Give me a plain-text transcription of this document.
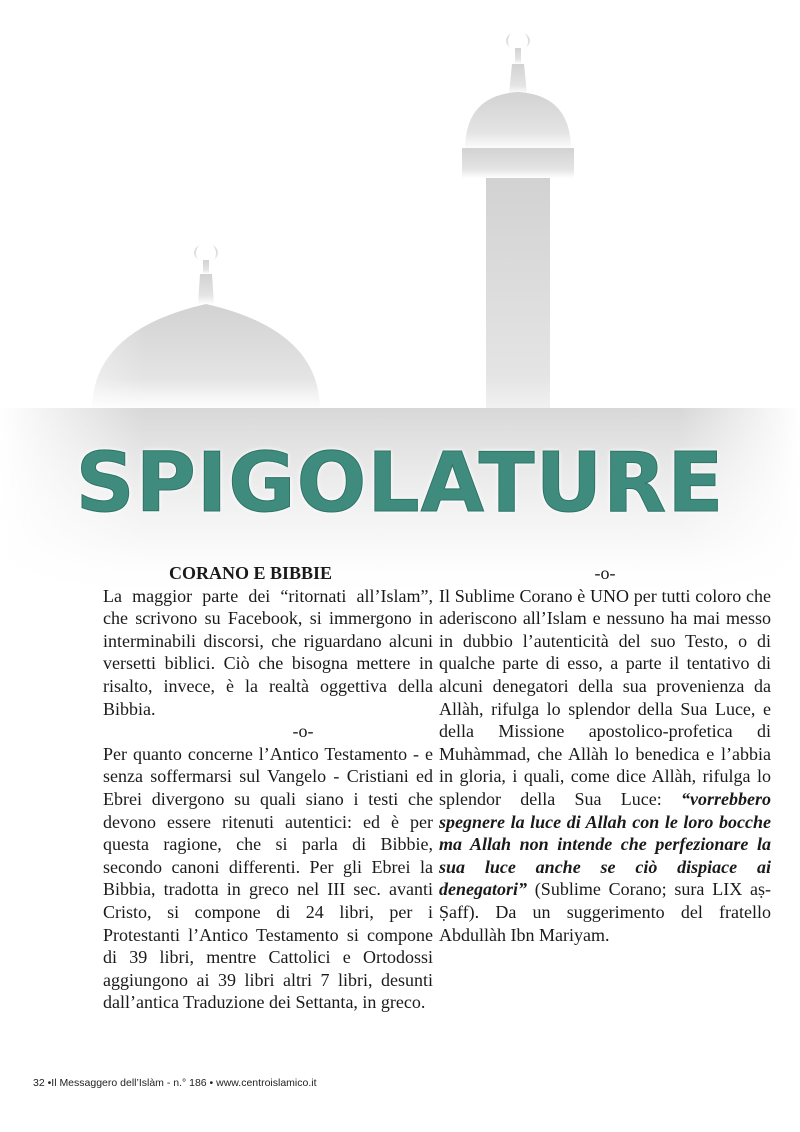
SPIGOLATURE

CORANO E BIBBIE

La maggior parte dei “ritornati all’Islam”, che scrivono su Facebook, si immergono in interminabili discorsi, che riguardano alcuni versetti biblici. Ciò che bisogna mettere in risalto, invece, è la realtà oggettiva della Bibbia.

-o-

Per quanto concerne l’Antico Testamento - e senza soffermarsi sul Vangelo - Cristiani ed Ebrei divergono su quali siano i testi che devono essere ritenuti autentici: ed è per questa ragione, che si parla di Bibbie, secondo canoni differenti. Per gli Ebrei la Bibbia, tradotta in greco nel III sec. avanti Cristo, si compone di 24 libri, per i Protestanti l’Antico Testamento si compone di 39 libri, mentre Cattolici e Ortodossi aggiungono ai 39 libri altri 7 libri, desunti dall’antica Traduzione dei Settanta, in greco.

-o-

Il Sublime Corano è UNO per tutti coloro che aderiscono all’Islam e nessuno ha mai messo in dubbio l’autenticità del suo Testo, o di qualche parte di esso, a parte il tentativo di alcuni denegatori della sua provenienza da Allàh, rifulga lo splendor della Sua Luce, e della Missione apostolico-profetica di Muhàmmad, che Allàh lo benedica e l’abbia in gloria, i quali, come dice Allàh, rifulga lo splendor della Sua Luce: “vorrebbero spegnere la luce di Allah con le loro bocche ma Allah non intende che perfezionare la sua luce anche se ciò dispiace ai denegatori” (Sublime Corano; sura LIX aṣ-Ṣaff). Da un suggerimento del fratello Abdullàh Ibn Mariyam.

32 •Il Messaggero dell’Islàm - n.° 186 • www.centroislamico.it
